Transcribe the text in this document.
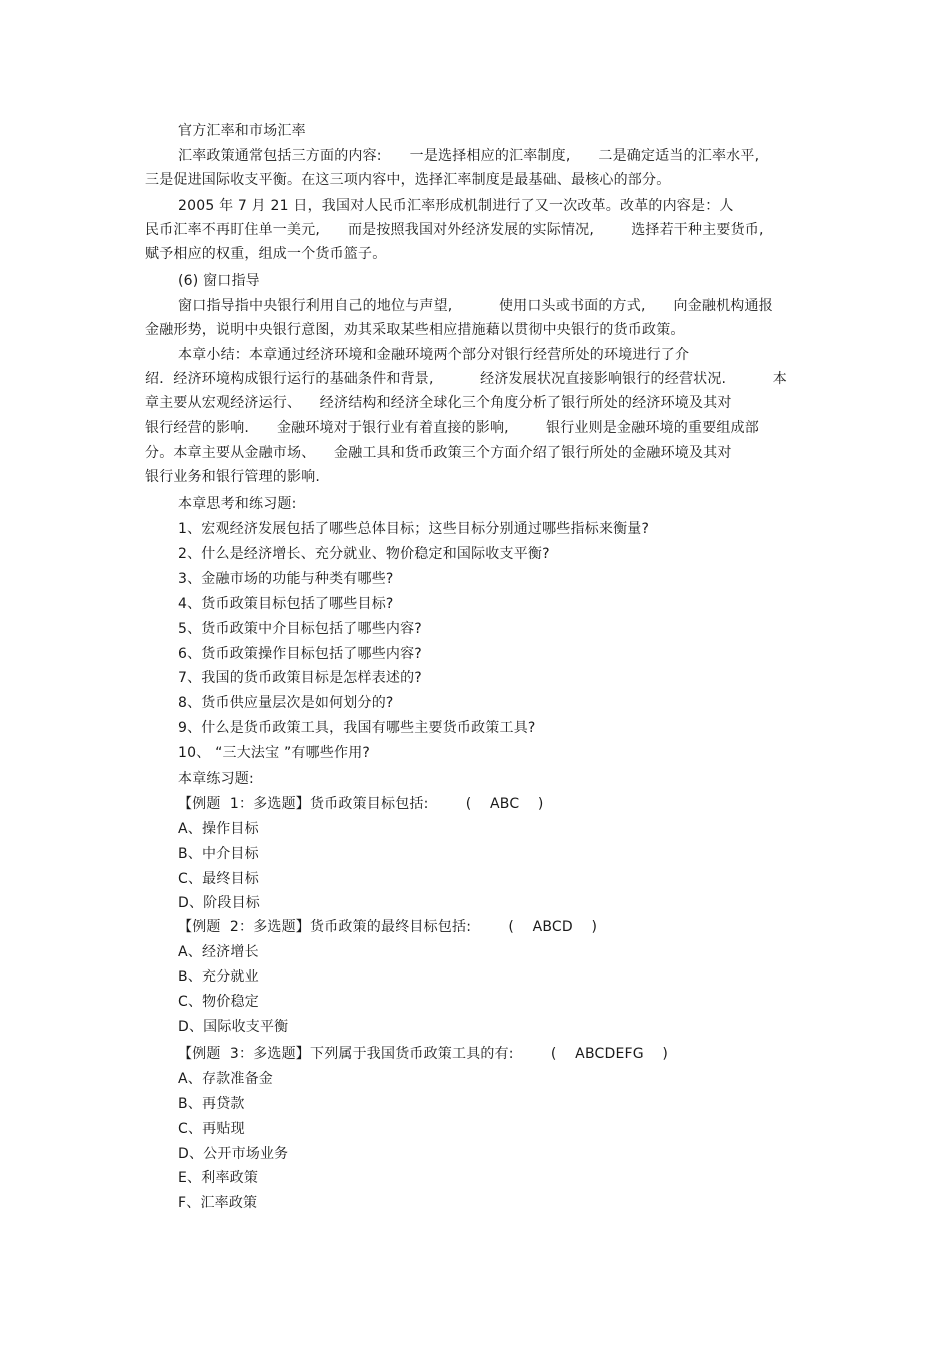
官方汇率和市场汇率
汇率政策通常包括三方面的内容:      一是选择相应的汇率制度,      二是确定适当的汇率水平,
三是促进国际收支平衡。在这三项内容中，选择汇率制度是最基础、最核心的部分。
2005 年 7 月 21 日，我国对人民币汇率形成机制进行了又一次改革。改革的内容是：人
民币汇率不再盯住单一美元,      而是按照我国对外经济发展的实际情况,        选择若干种主要货币,
赋予相应的权重，组成一个货币篮子。
(6) 窗口指导
窗口指导指中央银行利用自己的地位与声望,          使用口头或书面的方式,      向金融机构通报
金融形势，说明中央银行意图，劝其采取某些相应措施藉以贯彻中央银行的货币政策。
本章小结：本章通过经济环境和金融环境两个部分对银行经营所处的环境进行了介
绍．经济环境构成银行运行的基础条件和背景,          经济发展状况直接影响银行的经营状况.          本
章主要从宏观经济运行、    经济结构和经济全球化三个角度分析了银行所处的经济环境及其对
银行经营的影响.      金融环境对于银行业有着直接的影响,        银行业则是金融环境的重要组成部
分。本章主要从金融市场、    金融工具和货币政策三个方面介绍了银行所处的金融环境及其对
银行业务和银行管理的影响.
本章思考和练习题:
1、宏观经济发展包括了哪些总体目标；这些目标分别通过哪些指标来衡量?
2、什么是经济增长、充分就业、物价稳定和国际收支平衡?
3、金融市场的功能与种类有哪些?
4、货币政策目标包括了哪些目标?
5、货币政策中介目标包括了哪些内容?
6、货币政策操作目标包括了哪些内容?
7、我国的货币政策目标是怎样表述的?
8、货币供应量层次是如何划分的?
9、什么是货币政策工具，我国有哪些主要货币政策工具?
10、 “三大法宝 ”有哪些作用?
本章练习题:
【例题  1：多选题】货币政策目标包括:        (    ABC    )
A、操作目标
B、中介目标
C、最终目标
D、阶段目标
【例题  2：多选题】货币政策的最终目标包括:        (    ABCD    )
A、经济增长
B、充分就业
C、物价稳定
D、国际收支平衡
【例题  3：多选题】下列属于我国货币政策工具的有:        (    ABCDEFG    )
A、存款准备金
B、再贷款
C、再贴现
D、公开市场业务
E、利率政策
F、汇率政策
